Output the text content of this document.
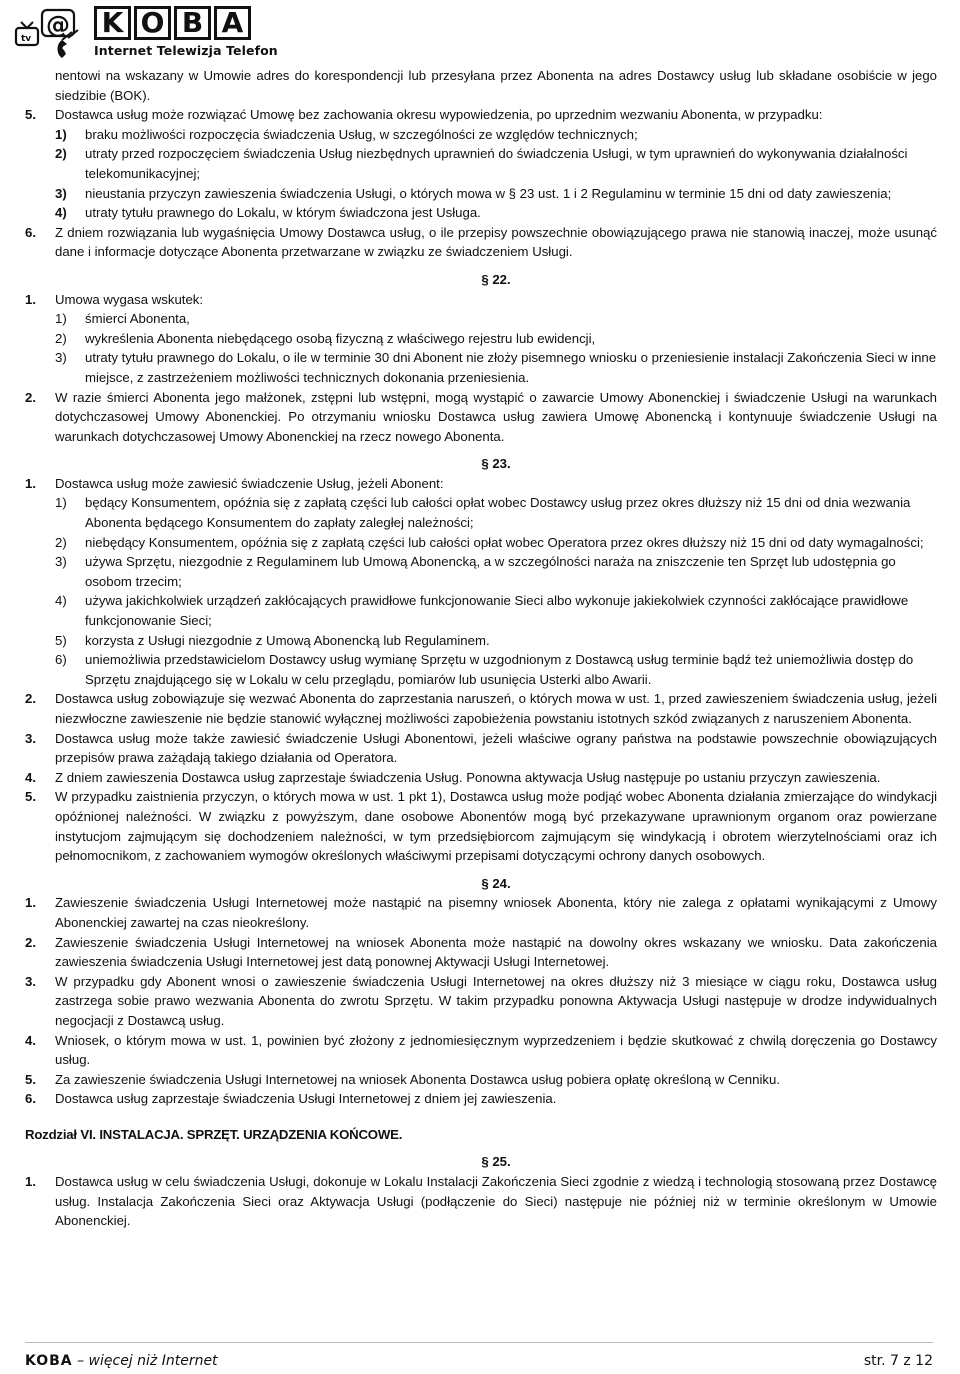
tv @ K O B A
Internet Telewizja Telefon

nentowi na wskazany w Umowie adres do korespondencji lub przesyłana przez Abonenta na adres Dostawcy usług lub składane osobiście w jego siedzibie (BOK).

5. Dostawca usług może rozwiązać Umowę bez zachowania okresu wypowiedzenia, po uprzednim wezwaniu Abonenta, w przypadku:
1) braku możliwości rozpoczęcia świadczenia Usług, w szczególności ze względów technicznych;
2) utraty przed rozpoczęciem świadczenia Usług niezbędnych uprawnień do świadczenia Usługi, w tym uprawnień do wykonywania działalności telekomunikacyjnej;
3) nieustania przyczyn zawieszenia świadczenia Usługi, o których mowa w § 23 ust. 1 i 2 Regulaminu w terminie 15 dni od daty zawieszenia;
4) utraty tytułu prawnego do Lokalu, w którym świadczona jest Usługa.
6. Z dniem rozwiązania lub wygaśnięcia Umowy Dostawca usług, o ile przepisy powszechnie obowiązującego prawa nie stanowią inaczej, może usunąć dane i informacje dotyczące Abonenta przetwarzane w związku ze świadczeniem Usługi.
§ 22.
1. Umowa wygasa wskutek:
1) śmierci Abonenta,
2) wykreślenia Abonenta niebędącego osobą fizyczną z właściwego rejestru lub ewidencji,
3) utraty tytułu prawnego do Lokalu, o ile w terminie 30 dni Abonent nie złoży pisemnego wniosku o przeniesienie instalacji Zakończenia Sieci w inne miejsce, z zastrzeżeniem możliwości technicznych dokonania przeniesienia.
2. W razie śmierci Abonenta jego małżonek, zstępni lub wstępni, mogą wystąpić o zawarcie Umowy Abonenckiej i świadczenie Usługi na warunkach dotychczasowej Umowy Abonenckiej. Po otrzymaniu wniosku Dostawca usług zawiera Umowę Abonencką i kontynuuje świadczenie Usługi na warunkach dotychczasowej Umowy Abonenckiej na rzecz nowego Abonenta.
§ 23.
1. Dostawca usług może zawiesić świadczenie Usług, jeżeli Abonent:
1) będący Konsumentem, opóźnia się z zapłatą części lub całości opłat wobec Dostawcy usług przez okres dłuższy niż 15 dni od dnia wezwania Abonenta będącego Konsumentem do zapłaty zaległej należności;
2) niebędący Konsumentem, opóźnia się z zapłatą części lub całości opłat wobec Operatora przez okres dłuższy niż 15 dni od daty wymagalności;
3) używa Sprzętu, niezgodnie z Regulaminem lub Umową Abonencką, a w szczególności naraża na zniszczenie ten Sprzęt lub udostępnia go osobom trzecim;
4) używa jakichkolwiek urządzeń zakłócających prawidłowe funkcjonowanie Sieci albo wykonuje jakiekolwiek czynności zakłócające prawidłowe funkcjonowanie Sieci;
5) korzysta z Usługi niezgodnie z Umową Abonencką lub Regulaminem.
6) uniemożliwia przedstawicielom Dostawcy usług wymianę Sprzętu w uzgodnionym z Dostawcą usług terminie bądź też uniemożliwia dostęp do Sprzętu znajdującego się w Lokalu w celu przeglądu, pomiarów lub usunięcia Usterki albo Awarii.
2. Dostawca usług zobowiązuje się wezwać Abonenta do zaprzestania naruszeń, o których mowa w ust. 1, przed zawieszeniem świadczenia usług, jeżeli niezwłoczne zawieszenie nie będzie stanowić wyłącznej możliwości zapobieżenia powstaniu istotnych szkód związanych z naruszeniem Abonenta.
3. Dostawca usług może także zawiesić świadczenie Usługi Abonentowi, jeżeli właściwe ograny państwa na podstawie powszechnie obowiązujących przepisów prawa zażądają takiego działania od Operatora.
4. Z dniem zawieszenia Dostawca usług zaprzestaje świadczenia Usług. Ponowna aktywacja Usług następuje po ustaniu przyczyn zawieszenia.
5. W przypadku zaistnienia przyczyn, o których mowa w ust. 1 pkt 1), Dostawca usług może podjąć wobec Abonenta działania zmierzające do windykacji opóźnionej należności. W związku z powyższym, dane osobowe Abonentów mogą być przekazywane uprawnionym organom oraz powierzane instytucjom zajmującym się dochodzeniem należności, w tym przedsiębiorcom zajmującym się windykacją i obrotem wierzytelnościami oraz ich pełnomocnikom, z zachowaniem wymogów określonych właściwymi przepisami dotyczącymi ochrony danych osobowych.
§ 24.
1. Zawieszenie świadczenia Usługi Internetowej może nastąpić na pisemny wniosek Abonenta, który nie zalega z opłatami wynikającymi z Umowy Abonenckiej zawartej na czas nieokreślony.
2. Zawieszenie świadczenia Usługi Internetowej na wniosek Abonenta może nastąpić na dowolny okres wskazany we wniosku. Data zakończenia zawieszenia świadczenia Usługi Internetowej jest datą ponownej Aktywacji Usługi Internetowej.
3. W przypadku gdy Abonent wnosi o zawieszenie świadczenia Usługi Internetowej na okres dłuższy niż 3 miesiące w ciągu roku, Dostawca usług zastrzega sobie prawo wezwania Abonenta do zwrotu Sprzętu. W takim przypadku ponowna Aktywacja Usługi następuje w drodze indywidualnych negocjacji z Dostawcą usług.
4. Wniosek, o którym mowa w ust. 1, powinien być złożony z jednomiesięcznym wyprzedzeniem i będzie skutkować z chwilą doręczenia go Dostawcy usług.
5. Za zawieszenie świadczenia Usługi Internetowej na wniosek Abonenta Dostawca usług pobiera opłatę określoną w Cenniku.
6. Dostawca usług zaprzestaje świadczenia Usługi Internetowej z dniem jej zawieszenia.
Rozdział VI. INSTALACJA. SPRZĘT. URZĄDZENIA KOŃCOWE.
§ 25.
1. Dostawca usług w celu świadczenia Usługi, dokonuje w Lokalu Instalacji Zakończenia Sieci zgodnie z wiedzą i technologią stosowaną przez Dostawcę usług. Instalacja Zakończenia Sieci oraz Aktywacja Usługi (podłączenie do Sieci) następuje nie później niż w terminie określonym w Umowie Abonenckiej.
KOBA – więcej niż Internet	str. 7 z 12
